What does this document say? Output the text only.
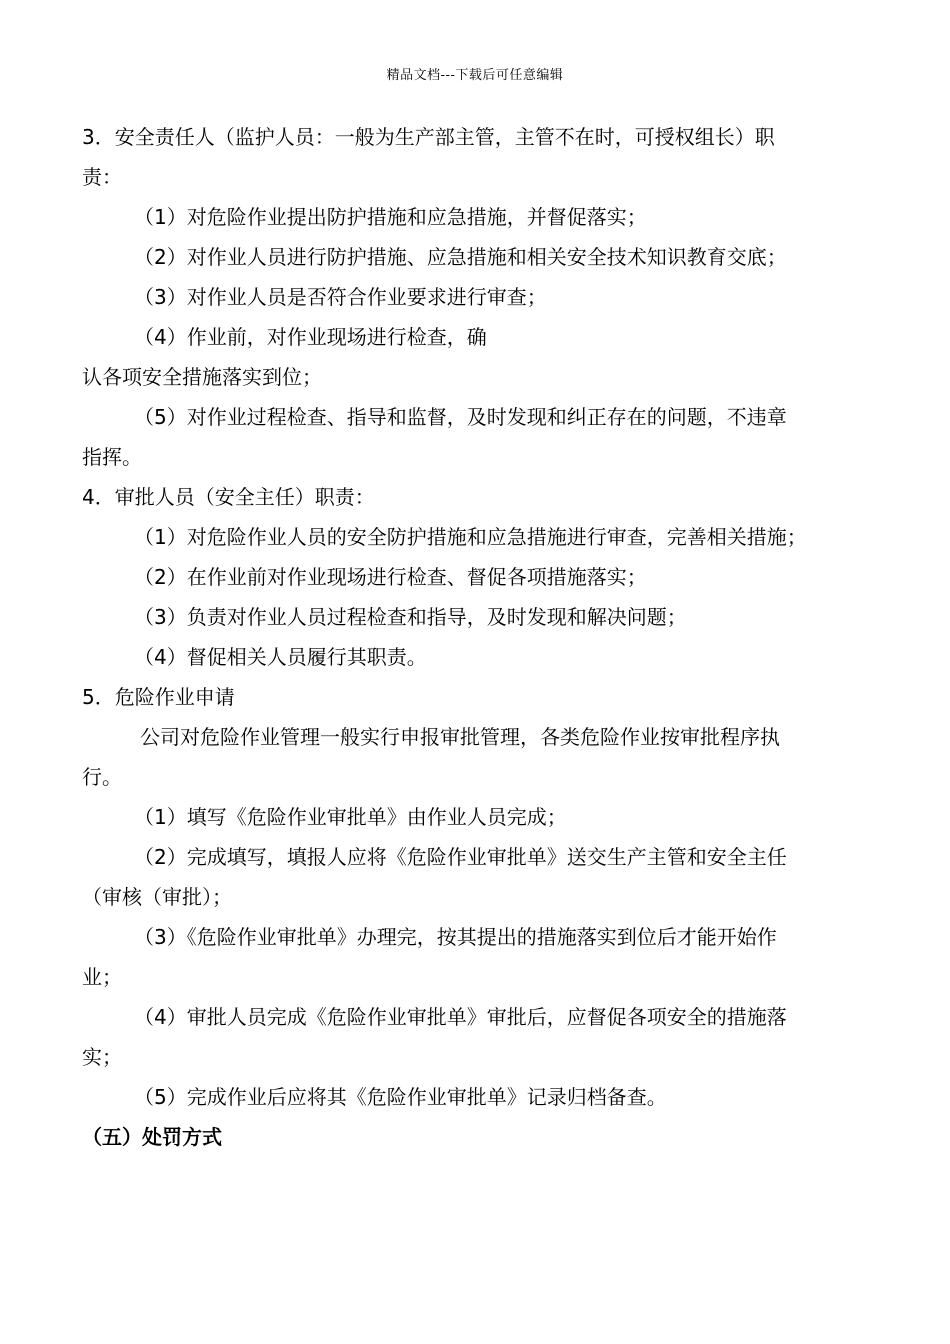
精品文档---下载后可任意编辑
3．安全责任人（监护人员：一般为生产部主管，主管不在时，可授权组长）职
责：
（1）对危险作业提出防护措施和应急措施，并督促落实；
（2）对作业人员进行防护措施、应急措施和相关安全技术知识教育交底；
（3）对作业人员是否符合作业要求进行审查；
（4）作业前，对作业现场进行检查，确
认各项安全措施落实到位；
（5）对作业过程检查、指导和监督，及时发现和纠正存在的问题，不违章
指挥。
4．审批人员（安全主任）职责：
（1）对危险作业人员的安全防护措施和应急措施进行审查，完善相关措施；
（2）在作业前对作业现场进行检查、督促各项措施落实；
（3）负责对作业人员过程检查和指导，及时发现和解决问题；
（4）督促相关人员履行其职责。
5．危险作业申请
公司对危险作业管理一般实行申报审批管理，各类危险作业按审批程序执
行。
（1）填写《危险作业审批单》由作业人员完成；
（2）完成填写，填报人应将《危险作业审批单》送交生产主管和安全主任
（审核（审批）；
（3）《危险作业审批单》办理完，按其提出的措施落实到位后才能开始作
业；
（4）审批人员完成《危险作业审批单》审批后，应督促各项安全的措施落
实；
（5）完成作业后应将其《危险作业审批单》记录归档备查。
（五）处罚方式
